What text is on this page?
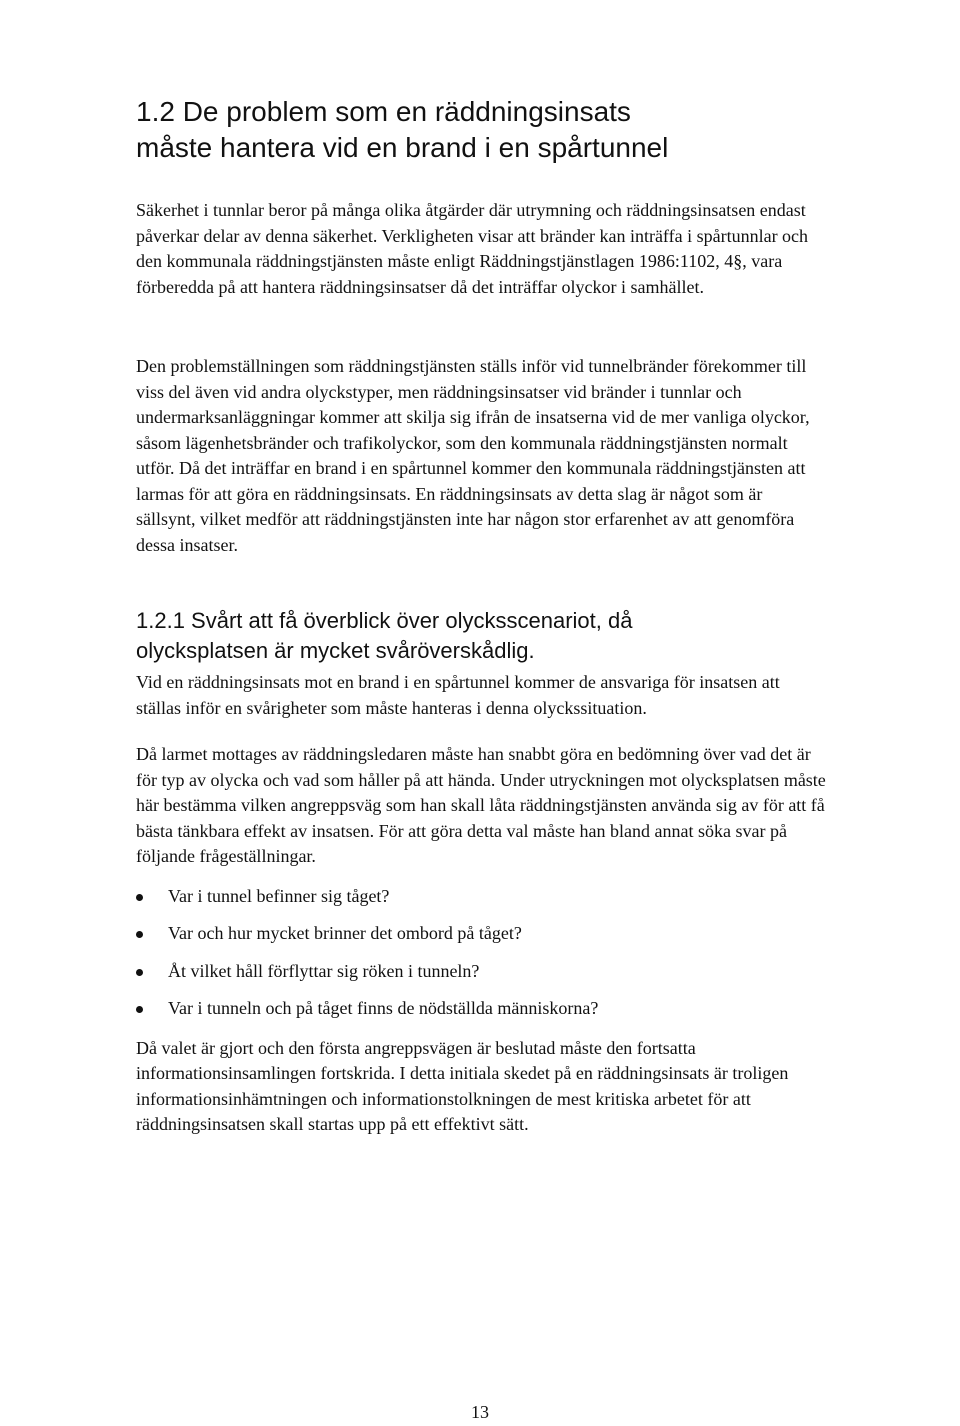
1.2 De problem som en räddningsinsats
måste hantera vid en brand i en spårtunnel

Säkerhet i tunnlar beror på många olika åtgärder där utrymning och räddningsinsatsen endast påverkar delar av denna säkerhet. Verkligheten visar att bränder kan inträffa i spårtunnlar och den kommunala räddningstjänsten måste enligt Räddningstjänstlagen 1986:1102, 4§, vara förberedda på att hantera räddningsinsatser då det inträffar olyckor i samhället.

Den problemställningen som räddningstjänsten ställs inför vid tunnelbränder förekommer till viss del även vid andra olyckstyper, men räddningsinsatser vid bränder i tunnlar och undermarksanläggningar kommer att skilja sig ifrån de insatserna vid de mer vanliga olyckor, såsom lägenhetsbränder och trafikolyckor, som den kommunala räddningstjänsten normalt utför. Då det inträffar en brand i en spårtunnel kommer den kommunala räddningstjänsten att larmas för att göra en räddningsinsats. En räddningsinsats av detta slag är något som är sällsynt, vilket medför att räddningstjänsten inte har någon stor erfarenhet av att genomföra dessa insatser.

1.2.1 Svårt att få överblick över olycksscenariot, då
olycksplatsen är mycket svåröverskådlig.

Vid en räddningsinsats mot en brand i en spårtunnel kommer de ansvariga för insatsen att ställas inför en svårigheter som måste hanteras i denna olyckssituation.

Då larmet mottages av räddningsledaren måste han snabbt göra en bedömning över vad det är för typ av olycka och vad som håller på att hända. Under utryckningen mot olycksplatsen måste här bestämma vilken angreppsväg som han skall låta räddningstjänsten använda sig av för att få bästa tänkbara effekt av insatsen. För att göra detta val måste han bland annat söka svar på följande frågeställningar.

Var i tunnel befinner sig tåget?
Var och hur mycket brinner det ombord på tåget?
Åt vilket håll förflyttar sig röken i tunneln?
Var i tunneln och på tåget finns de nödställda människorna?

Då valet är gjort och den första angreppsvägen är beslutad måste den fortsatta informationsinsamlingen fortskrida. I detta initiala skedet på en räddningsinsats är troligen informationsinhämtningen och informationstolkningen de mest kritiska arbetet för att räddningsinsatsen skall startas upp på ett effektivt sätt.

13
